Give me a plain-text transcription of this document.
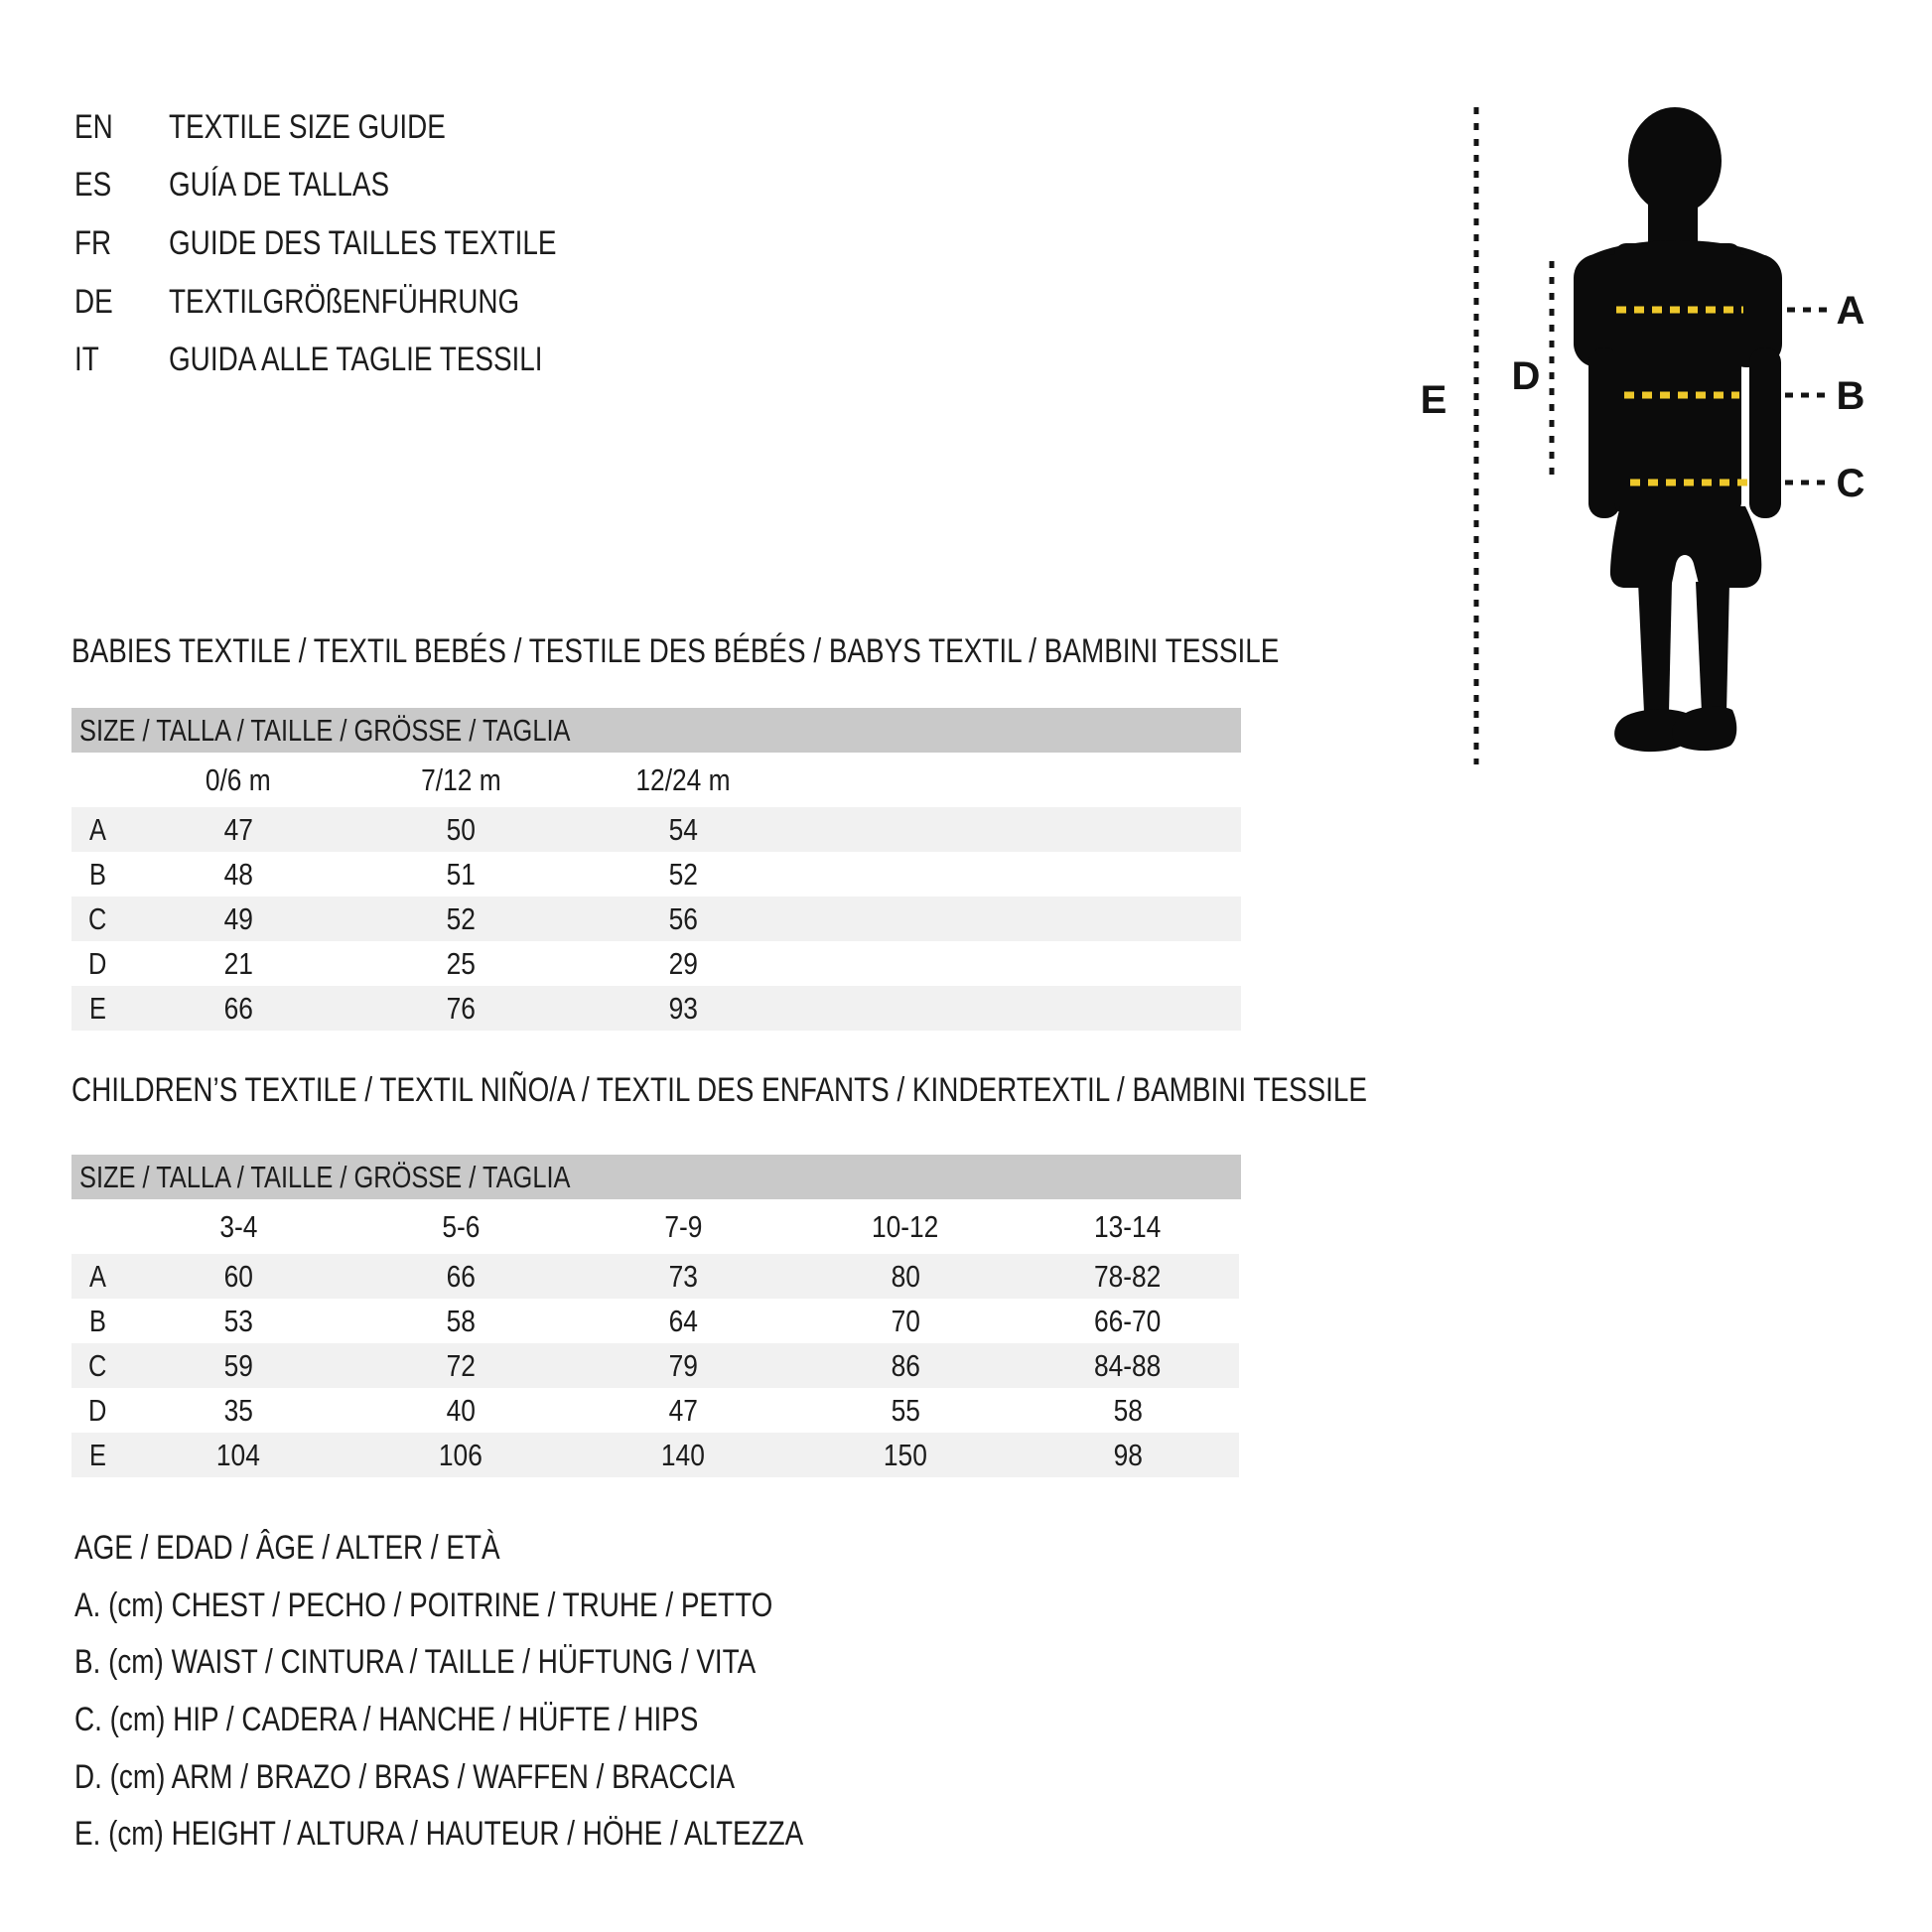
EN	TEXTILE SIZE GUIDE
ES	GUÍA DE TALLAS
FR	GUIDE DES TAILLES TEXTILE
DE	TEXTILGRÖßENFÜHRUNG
IT	GUIDA ALLE TAGLIE TESSILI
A
B
C
D
E
BABIES TEXTILE / TEXTIL BEBÉS / TESTILE DES BÉBÉS / BABYS TEXTIL / BAMBINI TESSILE
SIZE / TALLA / TAILLE / GRÖSSE / TAGLIA
	0/6 m	7/12 m	12/24 m	
A	47	50	54	
B	48	51	52	
C	49	52	56	
D	21	25	29	
E	66	76	93	
CHILDREN’S TEXTILE / TEXTIL NIÑO/A / TEXTIL DES ENFANTS / KINDERTEXTIL / BAMBINI TESSILE
SIZE / TALLA / TAILLE / GRÖSSE / TAGLIA
	3-4	5-6	7-9	10-12	13-14
A	60	66	73	80	78-82
B	53	58	64	70	66-70
C	59	72	79	86	84-88
D	35	40	47	55	58
E	104	106	140	150	98
AGE / EDAD / ÂGE / ALTER / ETÀ
A. (cm) CHEST / PECHO / POITRINE / TRUHE / PETTO
B. (cm) WAIST / CINTURA / TAILLE / HÜFTUNG / VITA
C. (cm) HIP / CADERA / HANCHE / HÜFTE / HIPS
D. (cm) ARM / BRAZO / BRAS / WAFFEN / BRACCIA
E. (cm) HEIGHT / ALTURA / HAUTEUR / HÖHE / ALTEZZA
